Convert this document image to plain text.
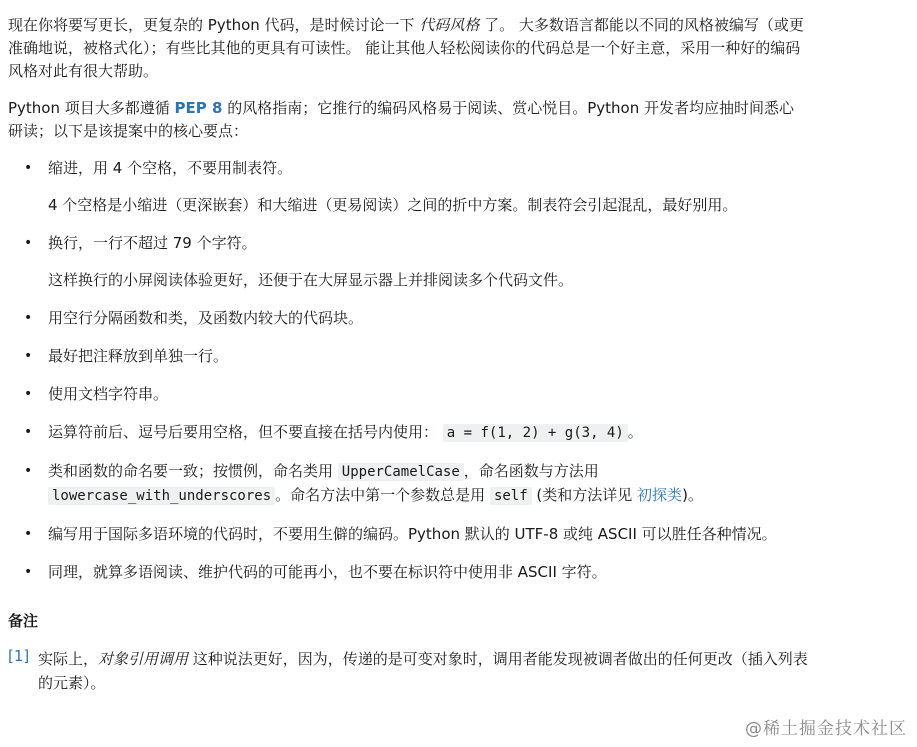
现在你将要写更长，更复杂的 Python 代码，是时候讨论一下 代码风格 了。 大多数语言都能以不同的风格被编写（或更准确地说，被格式化）；有些比其他的更具有可读性。 能让其他人轻松阅读你的代码总是一个好主意，采用一种好的编码风格对此有很大帮助。

Python 项目大多都遵循 PEP 8 的风格指南；它推行的编码风格易于阅读、赏心悦目。Python 开发者均应抽时间悉心研读；以下是该提案中的核心要点：

• 缩进，用 4 个空格，不要用制表符。

4 个空格是小缩进（更深嵌套）和大缩进（更易阅读）之间的折中方案。制表符会引起混乱，最好别用。

• 换行，一行不超过 79 个字符。

这样换行的小屏阅读体验更好，还便于在大屏显示器上并排阅读多个代码文件。

• 用空行分隔函数和类，及函数内较大的代码块。

• 最好把注释放到单独一行。

• 使用文档字符串。

• 运算符前后、逗号后要用空格，但不要直接在括号内使用： a = f(1, 2) + g(3, 4) 。

• 类和函数的命名要一致；按惯例，命名类用 UpperCamelCase ，命名函数与方法用
lowercase_with_underscores 。命名方法中第一个参数总是用 self (类和方法详见 初探类)。

• 编写用于国际多语环境的代码时，不要用生僻的编码。Python 默认的 UTF-8 或纯 ASCII 可以胜任各种情况。

• 同理，就算多语阅读、维护代码的可能再小，也不要在标识符中使用非 ASCII 字符。

备注
[1] 实际上，对象引用调用 这种说法更好，因为，传递的是可变对象时，调用者能发现被调者做出的任何更改（插入列表的元素）。
@稀土掘金技术社区
